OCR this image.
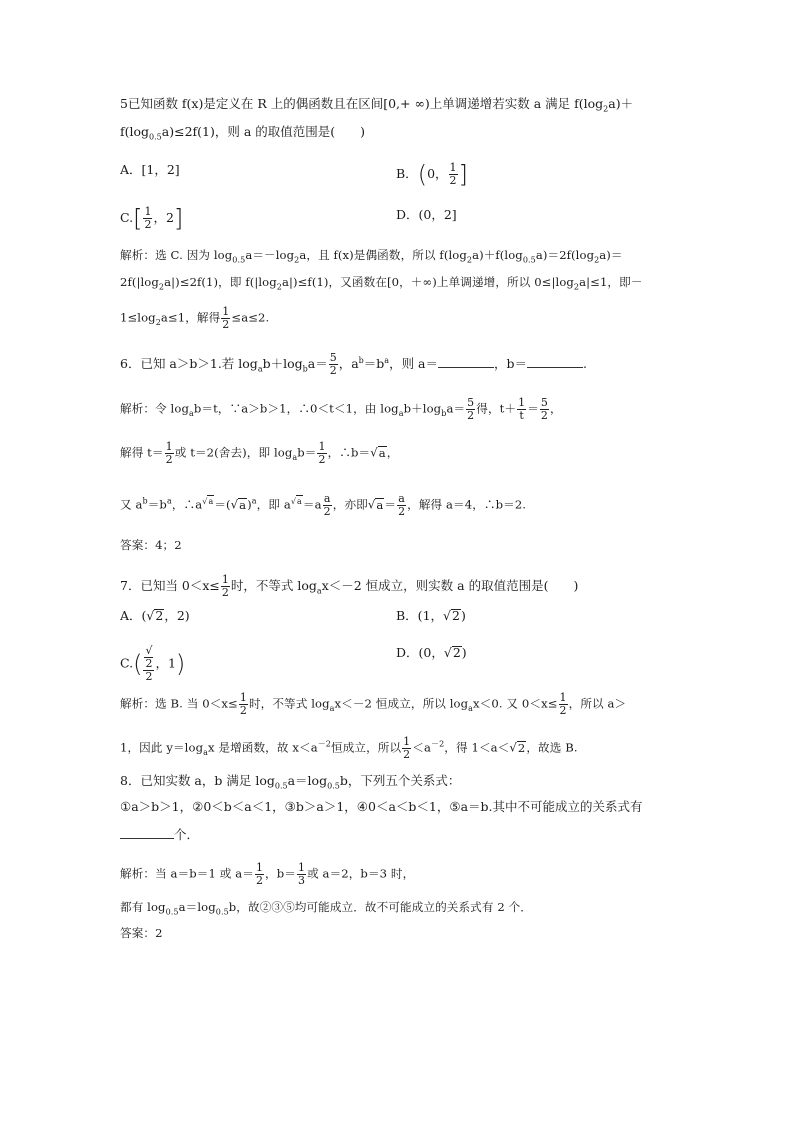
5已知函数 f(x)是定义在 R 上的偶函数且在区间[0,+ ∞)上单调递增若实数 a 满足 $f(\log_2a)+$
$f(\log_{0.5}a)\le 2f(1)$，则 a 的取值范围是(　　)
A．[1，2]	B．(0， $\frac{1}{2}$ ]
$C.[ \frac{1}{2}$ ，2]	D．(0，2]
解析：选 C. 因为 $\log_{0.5}a=-\log_2a$，且 f(x)是偶函数，所以 $f(\log_2a)+f(\log_{0.5}a)=2f(\log_2a)=$
$2f(|\log_2a|)\le 2f(1)$，即 $f(|\log_2a|)\le f(1)$，又函数在[0，＋∞)上单调递增，所以 $0\le|\log_2a|\le 1$，即－
$1\le\log_2a\le 1$，解得 $\frac{1}{2} \le a\le 2$.
6．已知 a＞b＞1.若 $\log_ab+\log_ba= \frac{5}{2}$ ，$a^b=b^a$，则 a＝	，b＝	.
解析：令 $\log_ab=t$，∵a＞b＞1，∴0＜t＜1，由 $\log_ab+\log_ba= \frac{5}{2}$ 得，$t+ \frac{1}{t} = \frac{5}{2}$ ，
解得 $t= \frac{1}{2}$ 或 t＝2(舍去)，即 $\log_ab= \frac{1}{2}$ ，∴b＝√a，
又 $a^b=b^a$，$\therefore a^{√a}=(√a)^a$，即 $a^{√a}=a \frac{a}{2}$ ，亦即$√a= \frac{a}{2}$ ，解得 a＝4，∴b＝2.
答案：4；2
7．已知当 $0<x\le \frac{1}{2}$ 时，不等式 $\log_ax<-2$ 恒成立，则实数 a 的取值范围是(　　)
A．(√2，2)	B．(1，√2)
C.( √
2
2 ，1)	D．(0，√2)
解析：选 B. 当 $0<x\le \frac{1}{2}$ 时，不等式 $\log_ax<-2$ 恒成立，所以 $\log_ax<0$. 又 $0<x\le \frac{1}{2}$ ，所以 a＞
1，因此 $y=\log_ax$ 是增函数，故 $x<a^{-2}$恒成立，所以 $\frac{1}{2} <a^{-2}$，得 1＜a＜√2，故选 B.
8．已知实数 a，b 满足 $\log_{0.5}a=\log_{0.5}b$，下列五个关系式：
①a＞b＞1，②0＜b＜a＜1，③b＞a＞1，④0＜a＜b＜1，⑤a＝b.其中不可能成立的关系式有
个．
解析：当 a＝b＝1 或 $a= \frac{1}{2}$ ，$b= \frac{1}{3}$ 或 a＝2，b＝3 时，
都有 $\log_{0.5}a=\log_{0.5}b$，故②③⑤均可能成立．故不可能成立的关系式有 2 个．
答案：2
